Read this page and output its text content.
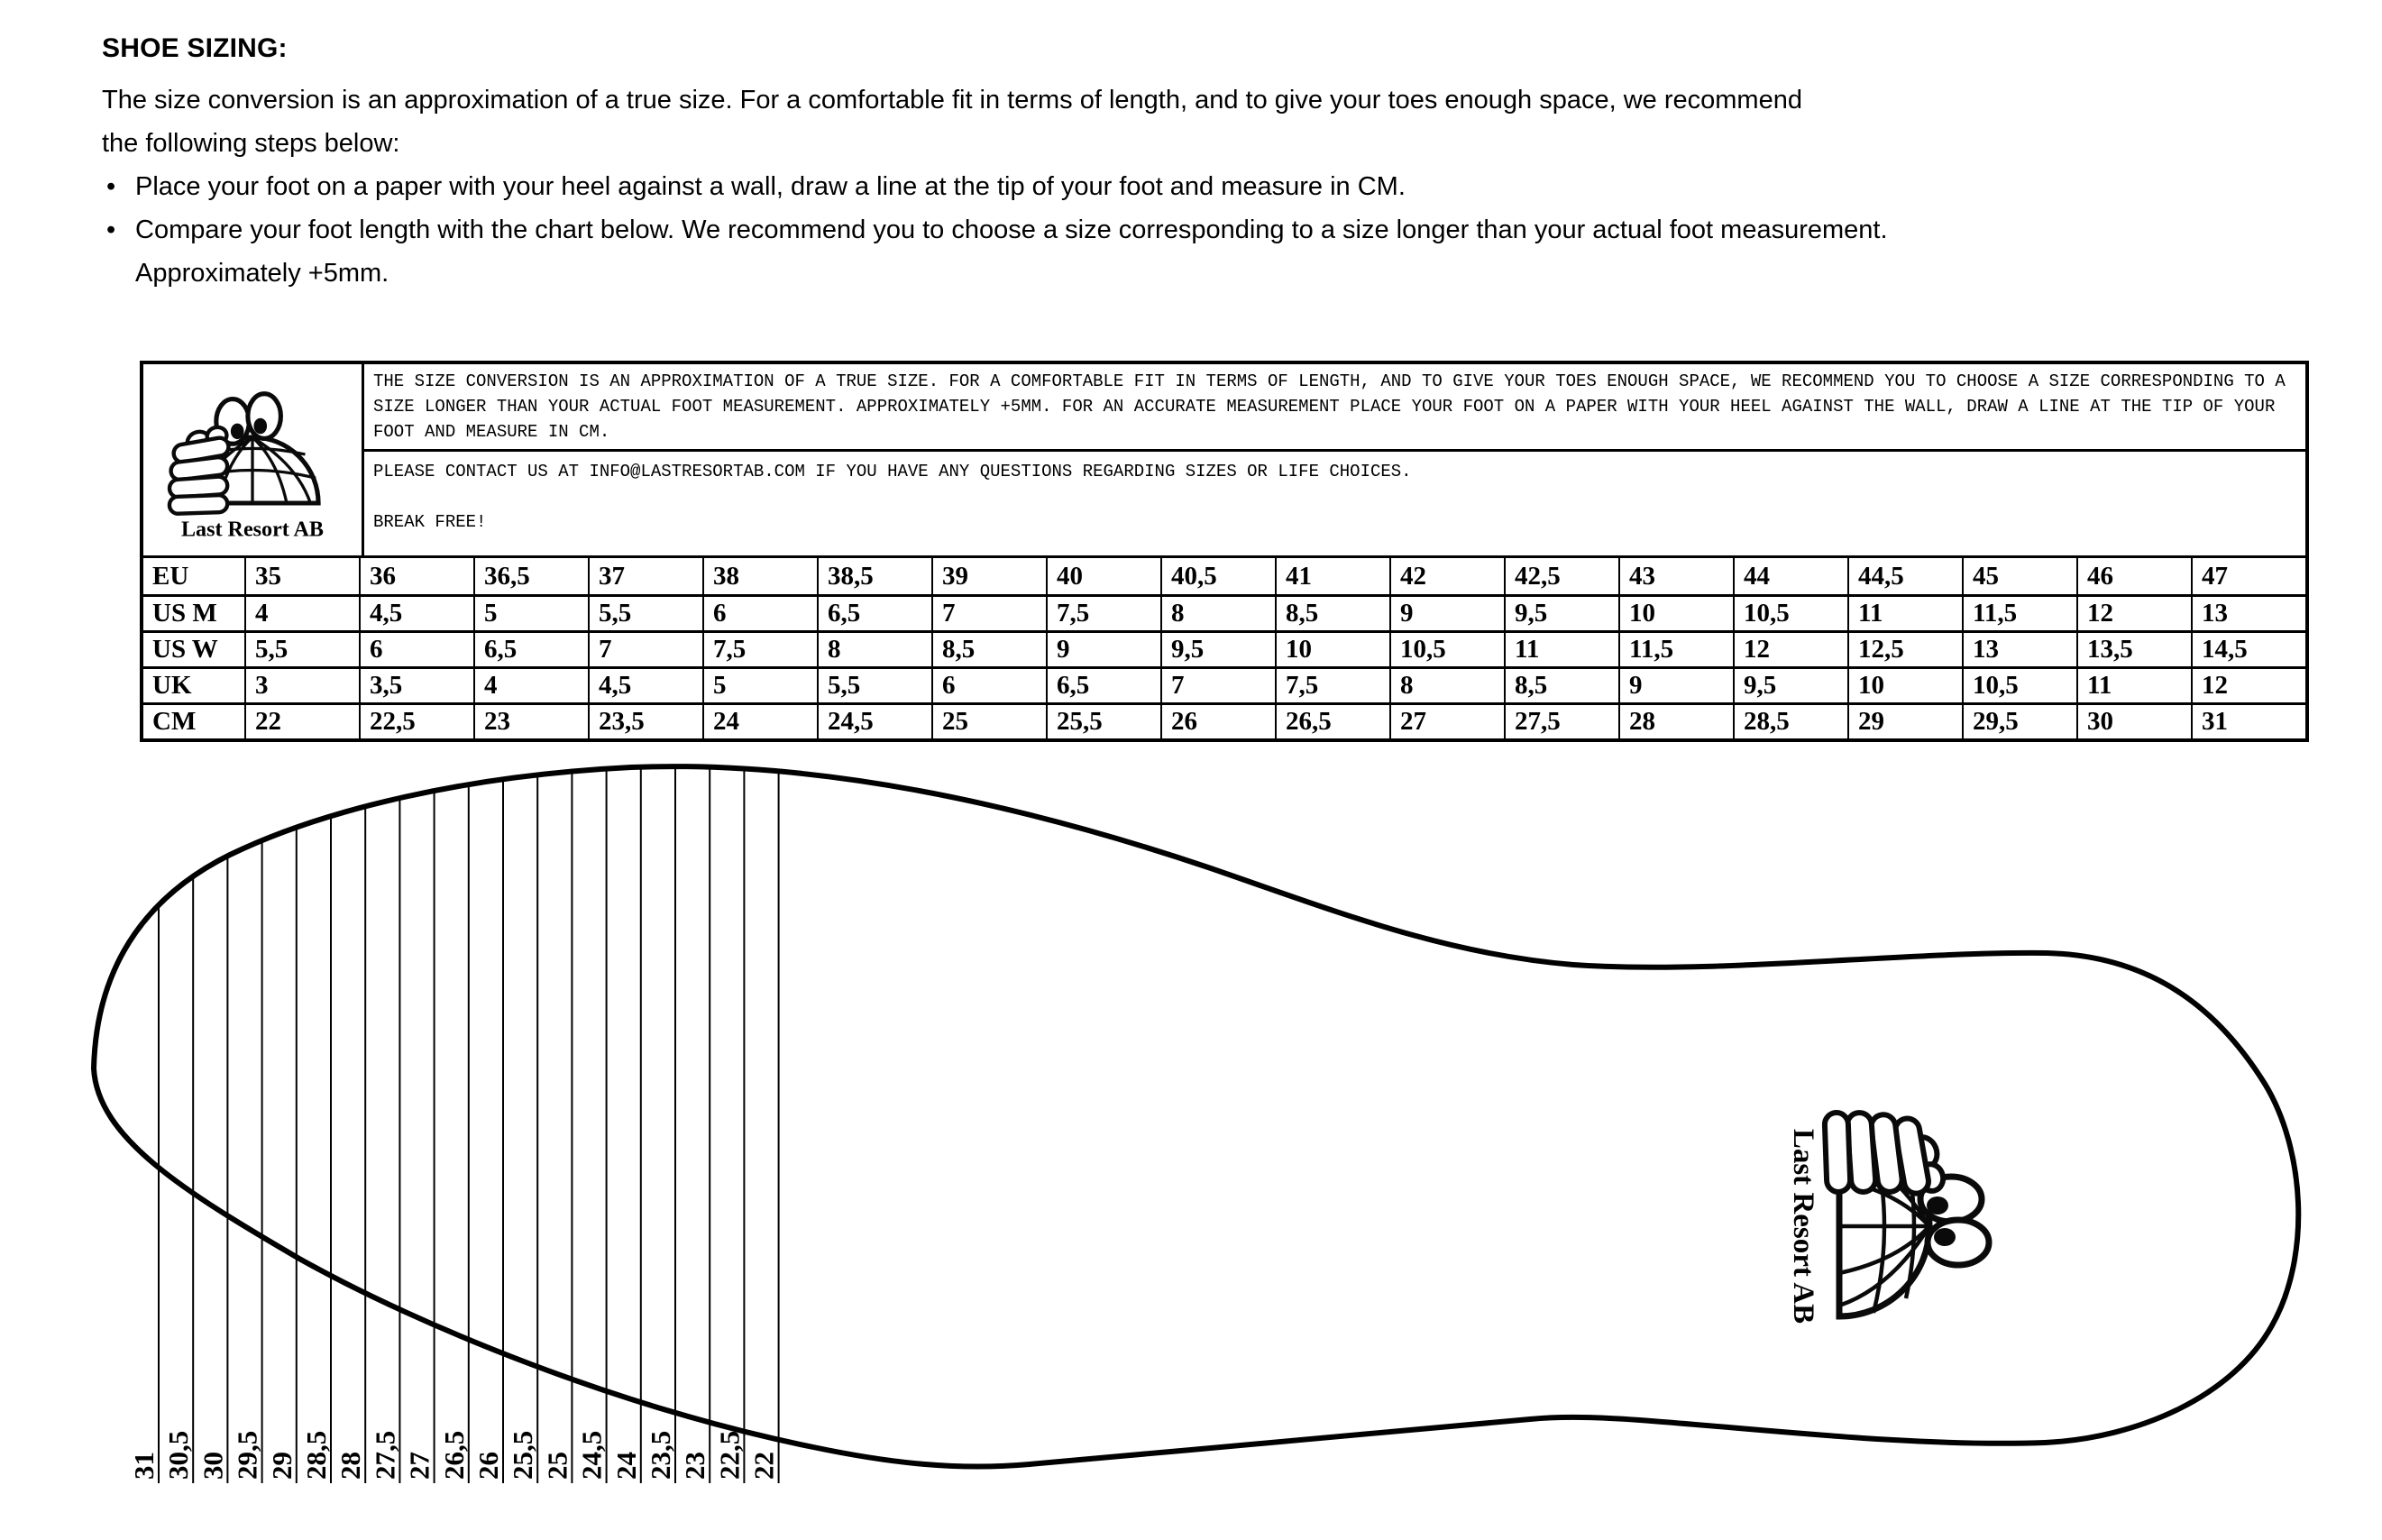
SHOE SIZING:
The size conversion is an approximation of a true size. For a comfortable fit in terms of length, and to give your toes enough space, we recommend
the following steps below:
• Place your foot on a paper with your heel against a wall, draw a line at the tip of your foot and measure in CM.
• Compare your foot length with the chart below. We recommend you to choose a size corresponding to a size longer than your actual foot measurement.
Approximately +5mm.
THE SIZE CONVERSION IS AN APPROXIMATION OF A TRUE SIZE. FOR A COMFORTABLE FIT IN TERMS OF LENGTH, AND TO GIVE YOUR TOES ENOUGH SPACE, WE RECOMMEND YOU TO CHOOSE A SIZE CORRESPONDING TO A SIZE LONGER THAN YOUR ACTUAL FOOT MEASUREMENT. APPROXIMATELY +5MM. FOR AN ACCURATE MEASUREMENT PLACE YOUR FOOT ON A PAPER WITH YOUR HEEL AGAINST THE WALL, DRAW A LINE AT THE TIP OF YOUR FOOT AND MEASURE IN CM.
PLEASE CONTACT US AT INFO@LASTRESORTAB.COM IF YOU HAVE ANY QUESTIONS REGARDING SIZES OR LIFE CHOICES.
BREAK FREE!
EU	35	36	36,5	37	38	38,5	39	40	40,5	41	42	42,5	43	44	44,5	45	46	47
US M	4	4,5	5	5,5	6	6,5	7	7,5	8	8,5	9	9,5	10	10,5	11	11,5	12	13
US W	5,5	6	6,5	7	7,5	8	8,5	9	9,5	10	10,5	11	11,5	12	12,5	13	13,5	14,5
UK	3	3,5	4	4,5	5	5,5	6	6,5	7	7,5	8	8,5	9	9,5	10	10,5	11	12
CM	22	22,5	23	23,5	24	24,5	25	25,5	26	26,5	27	27,5	28	28,5	29	29,5	30	31
31 30,5 30 29,5 29 28,5 28 27,5 27 26,5 26 25,5 25 24,5 24 23,5 23 22,5 22
